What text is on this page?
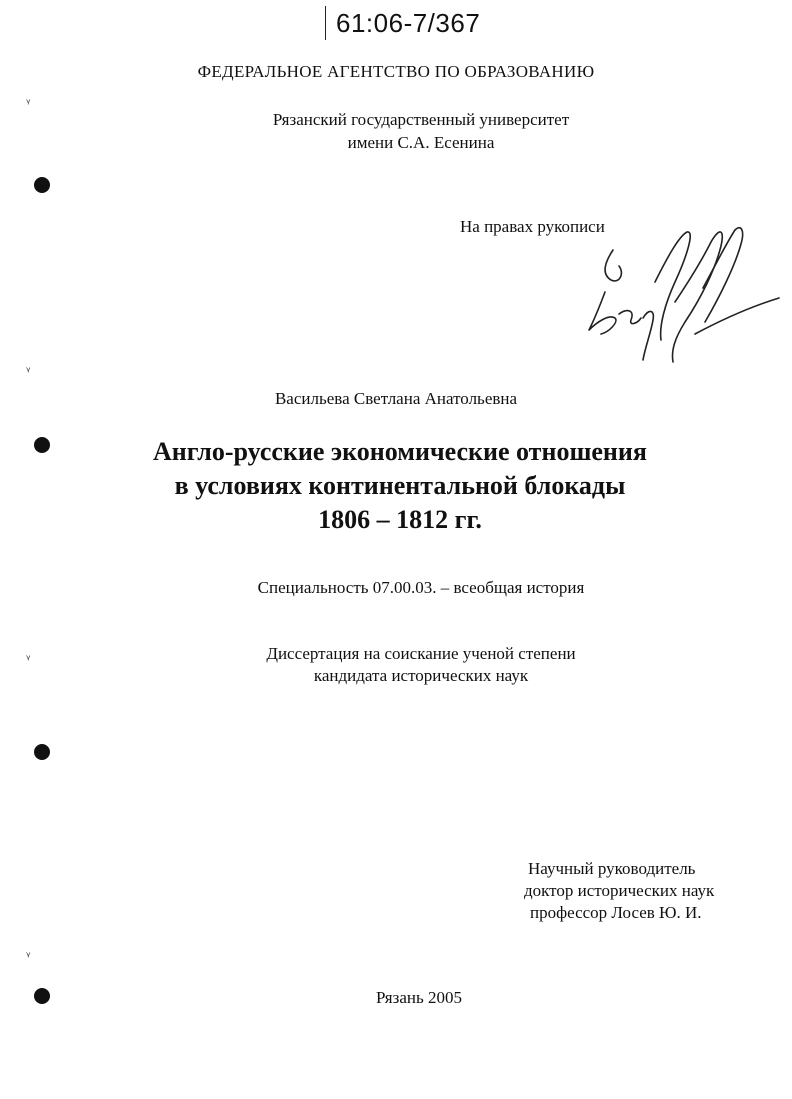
ᵞ
ᵞ
ᵞ
ᵞ
61:06-7/367
ФЕДЕРАЛЬНОЕ АГЕНТСТВО ПО ОБРАЗОВАНИЮ
Рязанский государственный университет
имени С.А. Есенина
На правах рукописи
Васильева Светлана Анатольевна
Англо-русские экономические отношения
в условиях континентальной блокады
1806 – 1812 гг.
Специальность 07.00.03. – всеобщая история
Диссертация на соискание ученой степени
кандидата исторических наук
Научный руководитель
доктор исторических наук
профессор Лосев Ю. И.
Рязань 2005
